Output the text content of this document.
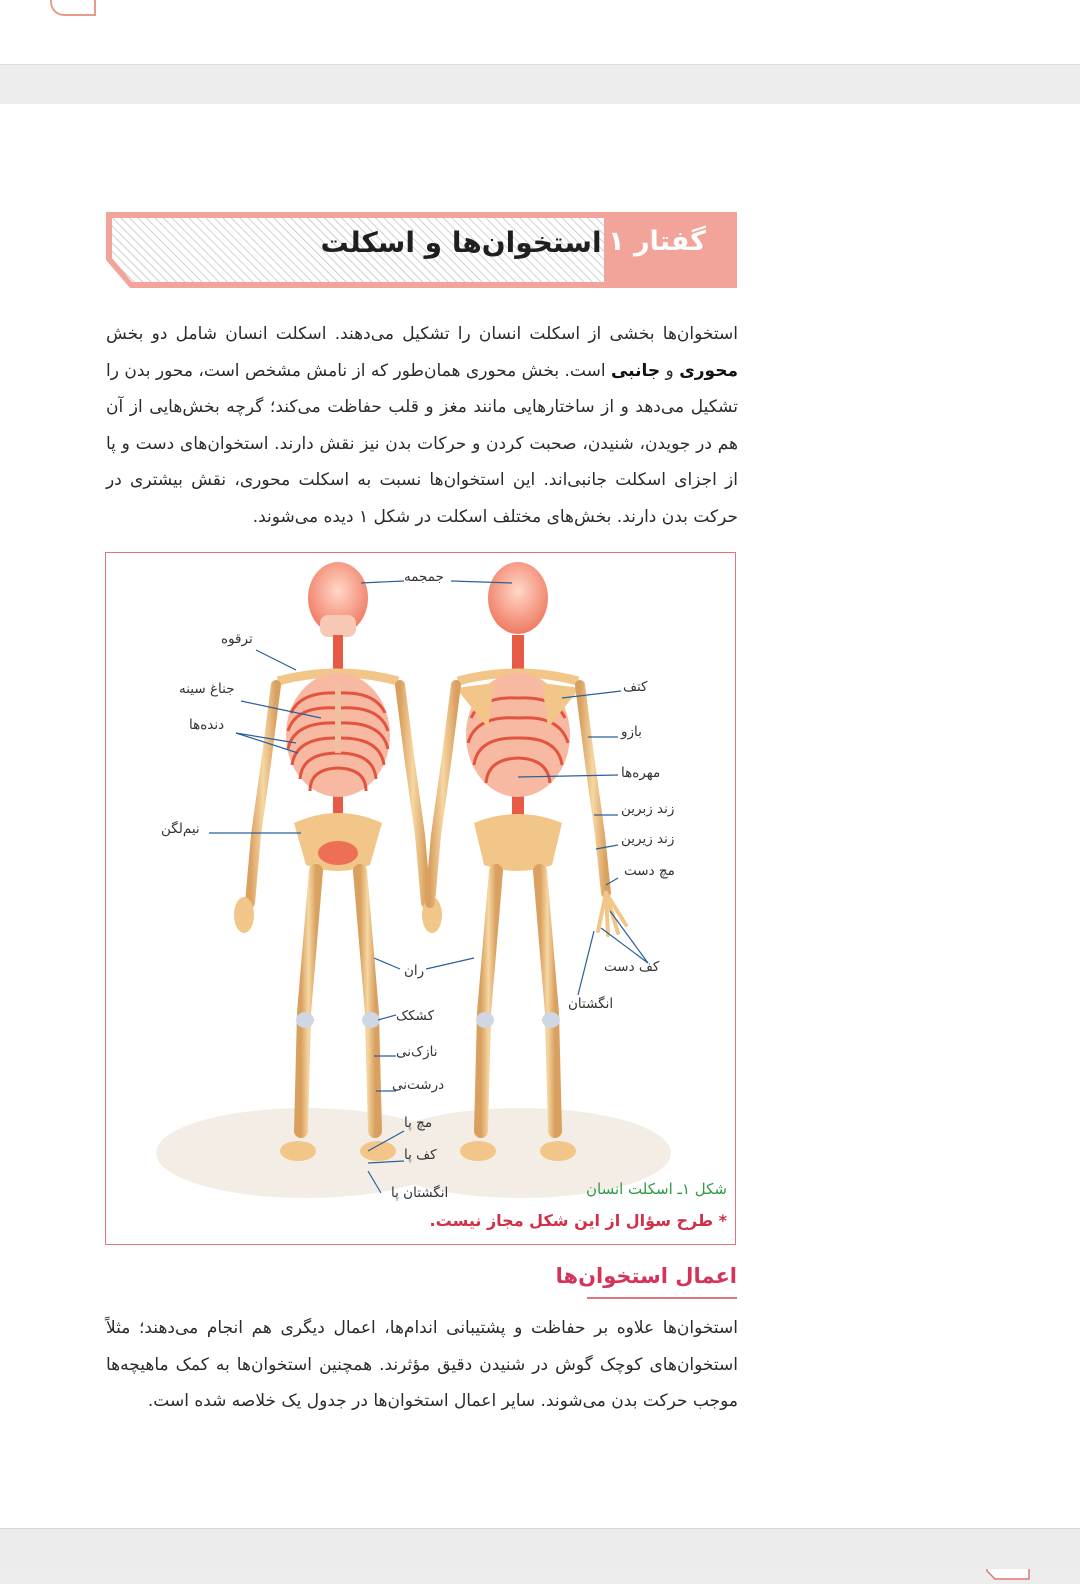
استخوان‌ها و اسکلت گفتار ۱
استخوان‌ها بخشی از اسکلت انسان را تشکیل می‌دهند. اسکلت انسان شامل دو بخش محوری و جانبی است. بخش محوری همان‌طور که از نامش مشخص است، محور بدن را تشکیل می‌دهد و از ساختارهایی مانند مغز و قلب حفاظت می‌کند؛ گرچه بخش‌هایی از آن هم در جویدن، شنیدن، صحبت کردن و حرکات بدن نیز نقش دارند. استخوان‌های دست و پا از اجزای اسکلت جانبی‌اند. این استخوان‌ها نسبت به اسکلت محوری، نقش بیشتری در حرکت بدن دارند. بخش‌های مختلف اسکلت در شکل ۱ دیده می‌شوند.
جمجمه
ترقوه
جناغ سینه
دنده‌ها
نیم‌لگن
کتف
بازو
مهره‌ها
زند زبرین
زند زیرین
مچ دست
کف دست
انگشتان
ران
کشکک
نازک‌نی
درشت‌نی
مچ پا
کف پا
انگشتان پا	شکل ۱ـ اسکلت انسان
* طرح سؤال از این شکل مجاز نیست.
اعمال استخوان‌ها
استخوان‌ها علاوه بر حفاظت و پشتیبانی اندام‌ها، اعمال دیگری هم انجام می‌دهند؛ مثلاً استخوان‌های کوچک گوش در شنیدن دقیق مؤثرند. همچنین استخوان‌ها به کمک ماهیچه‌ها موجب حرکت بدن می‌شوند. سایر اعمال استخوان‌ها در جدول یک خلاصه شده است.
